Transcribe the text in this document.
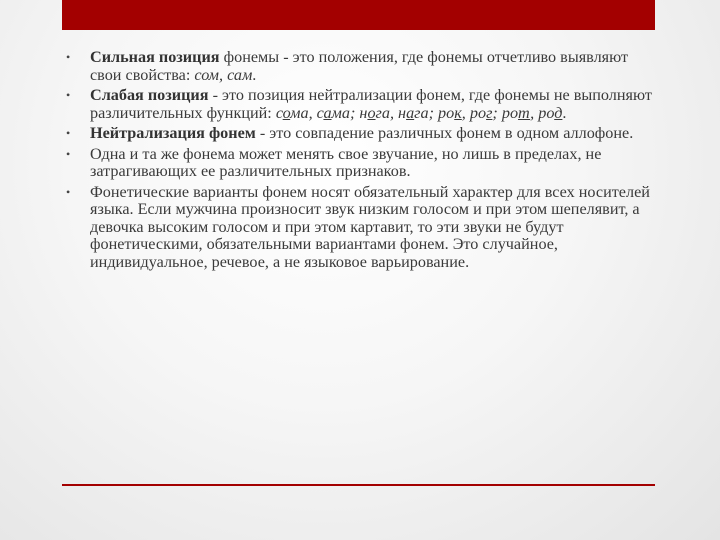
• Сильная позиция фонемы - это положения, где фонемы отчетливо выявляют свои свойства: сом, сам.
• Слабая позиция - это позиция нейтрализации фонем, где фонемы не выполняют различительных функций: сома, сама; нога, нага; рок, рог; рот, род.
• Нейтрализация фонем - это совпадение различных фонем в одном аллофоне.
• Одна и та же фонема может менять свое звучание, но лишь в пределах, не затрагивающих ее различительных признаков.
• Фонетические варианты фонем носят обязательный характер для всех носителей языка. Если мужчина произносит звук низким голосом и при этом шепелявит, а девочка высоким голосом и при этом картавит, то эти звуки не будут фонетическими, обязательными вариантами фонем. Это случайное, индивидуальное, речевое, а не языковое варьирование.
